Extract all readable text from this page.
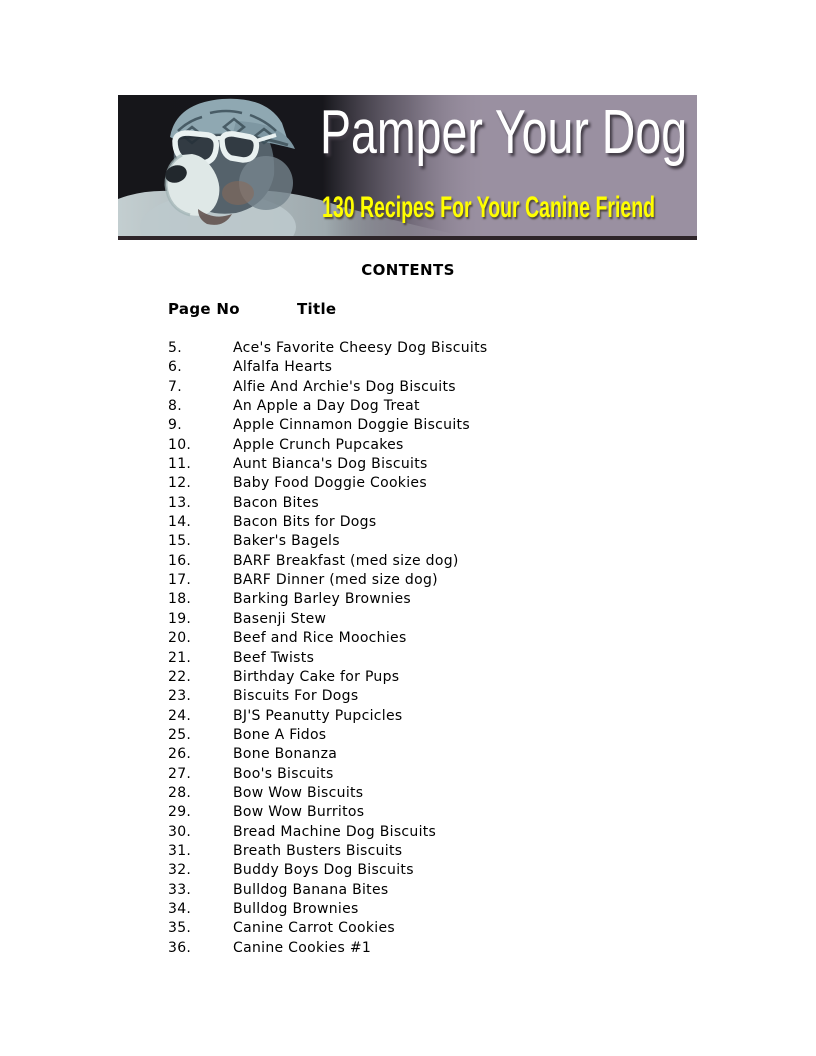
Pamper Your Dog
130 Recipes For Your Canine Friend
CONTENTS
Page No	Title
5.	Ace's Favorite Cheesy Dog Biscuits
6.	Alfalfa Hearts
7.	Alfie And Archie's Dog Biscuits
8.	An Apple a Day Dog Treat
9.	Apple Cinnamon Doggie Biscuits
10.	Apple Crunch Pupcakes
11.	Aunt Bianca's Dog Biscuits
12.	Baby Food Doggie Cookies
13.	Bacon Bites
14.	Bacon Bits for Dogs
15.	Baker's Bagels
16.	BARF Breakfast (med size dog)
17.	BARF Dinner (med size dog)
18.	Barking Barley Brownies
19.	Basenji Stew
20.	Beef and Rice Moochies
21.	Beef Twists
22.	Birthday Cake for Pups
23.	Biscuits For Dogs
24.	BJ'S Peanutty Pupcicles
25.	Bone A Fidos
26.	Bone Bonanza
27.	Boo's Biscuits
28.	Bow Wow Biscuits
29.	Bow Wow Burritos
30.	Bread Machine Dog Biscuits
31.	Breath Busters Biscuits
32.	Buddy Boys Dog Biscuits
33.	Bulldog Banana Bites
34.	Bulldog Brownies
35.	Canine Carrot Cookies
36.	Canine Cookies #1
